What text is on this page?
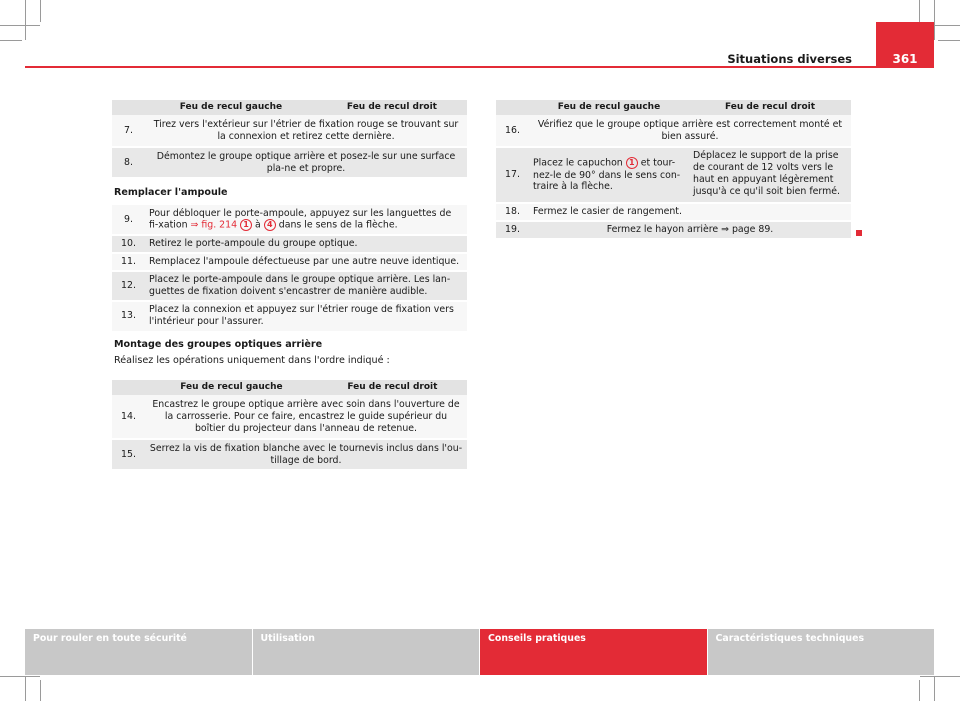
Situations diverses	361
	Feu de recul gauche	Feu de recul droit
7.	Tirez vers l'extérieur sur l'étrier de fixation rouge se trouvant sur la connexion et retirez cette dernière.	
8.	Démontez le groupe optique arrière et posez-le sur une surface pla-ne et propre.	
Remplacer l'ampoule
9.	Pour débloquer le porte-ampoule, appuyez sur les languettes de fi-xation ⇒ fig. 214 1 à 4 dans le sens de la flèche.
10.	Retirez le porte-ampoule du groupe optique.
11.	Remplacez l'ampoule défectueuse par une autre neuve identique.
12.	Placez le porte-ampoule dans le groupe optique arrière. Les lan-guettes de fixation doivent s'encastrer de manière audible.
13.	Placez la connexion et appuyez sur l'étrier rouge de fixation vers l'intérieur pour l'assurer.
Montage des groupes optiques arrière
Réalisez les opérations uniquement dans l'ordre indiqué :
	Feu de recul gauche	Feu de recul droit
14.	Encastrez le groupe optique arrière avec soin dans l'ouverture de la carrosserie. Pour ce faire, encastrez le guide supérieur du boîtier du projecteur dans l'anneau de retenue.	
15.	Serrez la vis de fixation blanche avec le tournevis inclus dans l'ou-tillage de bord.	
	Feu de recul gauche	Feu de recul droit
16.	Vérifiez que le groupe optique arrière est correctement monté et bien assuré.	
17.	Placez le capuchon 1 et tour-nez-le de 90° dans le sens con-traire à la flèche.	Déplacez le support de la prise de courant de 12 volts vers le haut en appuyant légèrement jusqu'à ce qu'il soit bien fermé.
18.	Fermez le casier de rangement.	
19.	Fermez le hayon arrière ⇒ page 89.	
Pour rouler en toute sécurité	Utilisation	Conseils pratiques	Caractéristiques techniques
